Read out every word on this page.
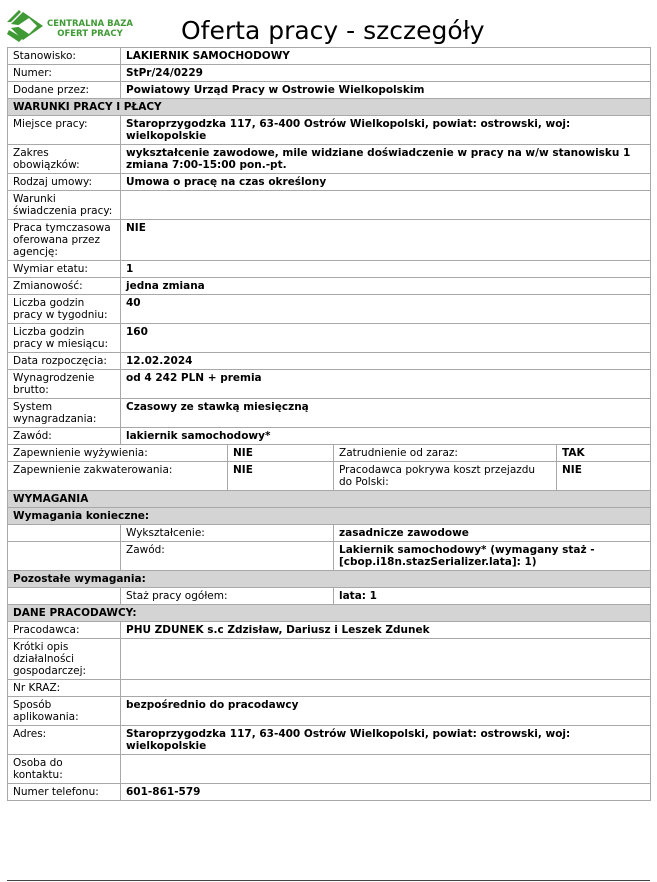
CENTRALNA BAZA
OFERT PRACY	Oferta pracy - szczegóły
Stanowisko:	LAKIERNIK SAMOCHODOWY			
Numer:	StPr/24/0229			
Dodane przez:	Powiatowy Urząd Pracy w Ostrowie Wielkopolskim			
WARUNKI PRACY I PŁACY				
Miejsce pracy:	Staroprzygodzka 117, 63-400 Ostrów Wielkopolski, powiat: ostrowski, woj: wielkopolskie			
Zakres obowiązków:	wykształcenie zawodowe, mile widziane doświadczenie w pracy na w/w stanowisku 1 zmiana 7:00-15:00 pon.-pt.			
Rodzaj umowy:	Umowa o pracę na czas określony			
Warunki świadczenia pracy:				
Praca tymczasowa oferowana przez agencję:	NIE			
Wymiar etatu:	1			
Zmianowość:	jedna zmiana			
Liczba godzin pracy w tygodniu:	40			
Liczba godzin pracy w miesiącu:	160			
Data rozpoczęcia:	12.02.2024			
Wynagrodzenie brutto:	od 4 242 PLN + premia			
System wynagradzania:	Czasowy ze stawką miesięczną			
Zawód:	lakiernik samochodowy*			
Zapewnienie wyżywienia:		NIE	Zatrudnienie od zaraz:	TAK
Zapewnienie zakwaterowania:		NIE	Pracodawca pokrywa koszt przejazdu do Polski:	NIE
WYMAGANIA				
Wymagania konieczne:				
	Wykształcenie:		zasadnicze zawodowe	
	Zawód:		Lakiernik samochodowy* (wymagany staż - [cbop.i18n.stazSerializer.lata]: 1)	
Pozostałe wymagania:				
	Staż pracy ogółem:		lata: 1	
DANE PRACODAWCY:				
Pracodawca:	PHU ZDUNEK s.c Zdzisław, Dariusz i Leszek Zdunek			
Krótki opis działalności gospodarczej:				
Nr KRAZ:				
Sposób aplikowania:	bezpośrednio do pracodawcy			
Adres:	Staroprzygodzka 117, 63-400 Ostrów Wielkopolski, powiat: ostrowski, woj: wielkopolskie			
Osoba do kontaktu:				
Numer telefonu:	601-861-579			
